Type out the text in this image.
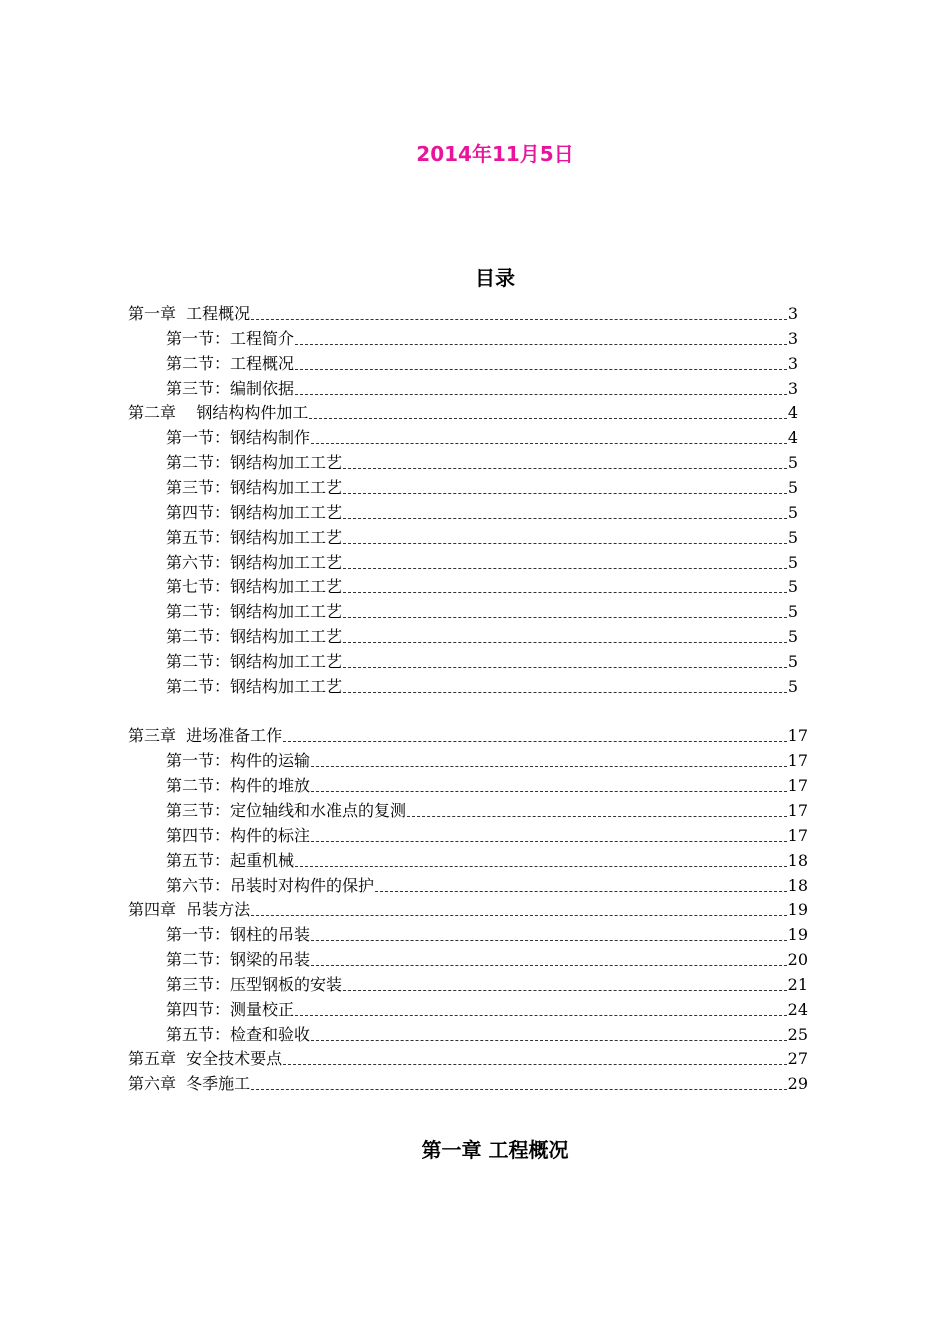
2014年11月5日
目录
第一章  工程概况	3
第一节：工程简介	3
第二节：工程概况	3
第三节：编制依据	3
第二章    钢结构构件加工	4
第一节：钢结构制作	4
第二节：钢结构加工工艺	5
第三节：钢结构加工工艺	5
第四节：钢结构加工工艺	5
第五节：钢结构加工工艺	5
第六节：钢结构加工工艺	5
第七节：钢结构加工工艺	5
第二节：钢结构加工工艺	5
第二节：钢结构加工工艺	5
第二节：钢结构加工工艺	5
第二节：钢结构加工工艺	5
第三章  进场准备工作	17
第一节：构件的运输	17
第二节：构件的堆放	17
第三节：定位轴线和水准点的复测	17
第四节：构件的标注	17
第五节：起重机械	18
第六节：吊装时对构件的保护	18
第四章  吊装方法	19
第一节：钢柱的吊装	19
第二节：钢梁的吊装	20
第三节：压型钢板的安装	21
第四节：测量校正	24
第五节：检查和验收	25
第五章  安全技术要点	27
第六章  冬季施工	29
第一章 工程概况
